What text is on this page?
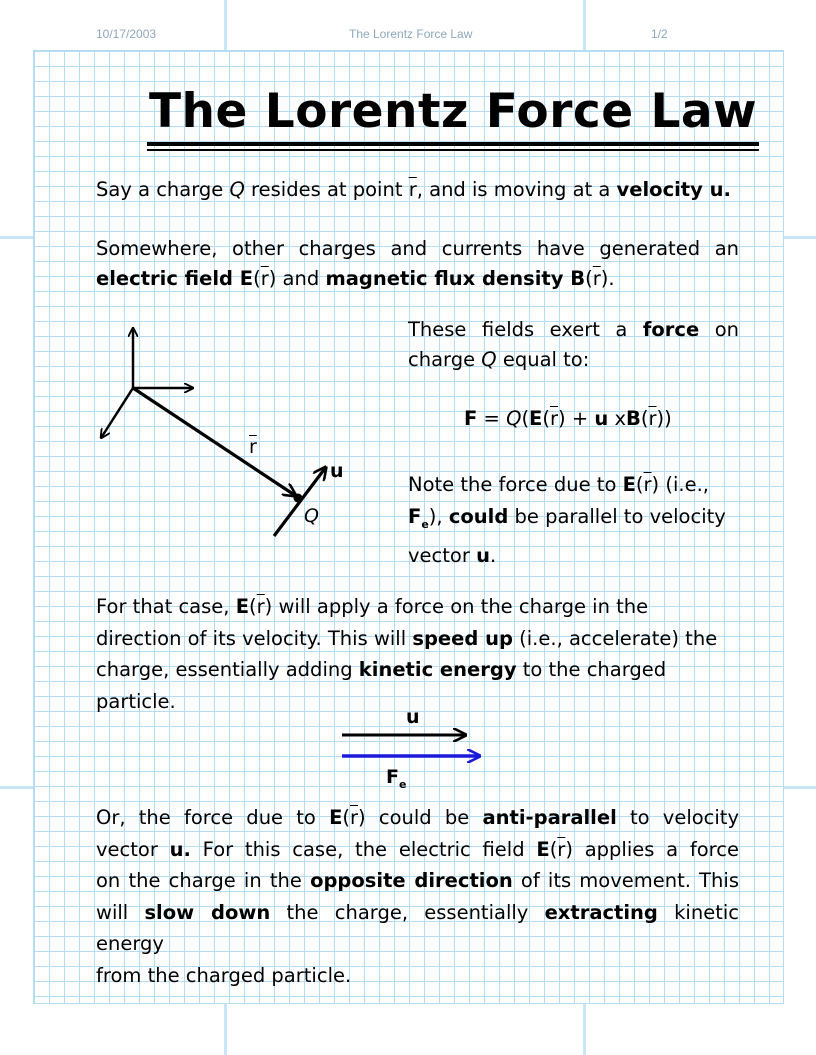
10/17/2003	The Lorentz Force Law	1/2
The Lorentz Force Law
Say a charge Q resides at point $\overline{r}$, and is moving at a velocity u.
Somewhere, other charges and currents have generated an
electric field $E(\overline{r})$ and magnetic flux density $B(\overline{r})$.
$\overline{r}$
u
Q
These fields exert a force on
charge Q equal to:
$F = Q(E(\overline{r}) + u$ $xB(\overline{r})$)
Note the force due to $E(\overline{r})$ (i.e.,
$F_e$), could be parallel to velocity
vector u.
For that case, $E(\overline{r})$ will apply a force on the charge in the
direction of its velocity. This will speed up (i.e., accelerate) the
charge, essentially adding kinetic energy to the charged
particle.
u
$F_e$
Or, the force due to $E(\overline{r})$ could be anti-parallel to velocity
vector u. For this case, the electric field $E(\overline{r})$ applies a force
on the charge in the opposite direction of its movement. This
will slow down the charge, essentially extracting kinetic energy
from the charged particle.
